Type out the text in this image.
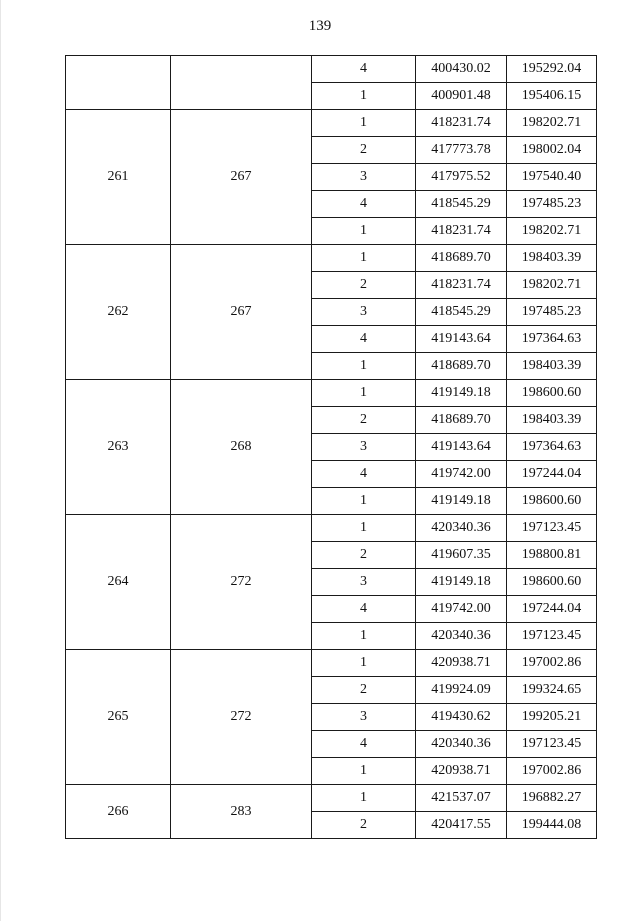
139
		4	400430.02	195292.04
		1	400901.48	195406.15
261	267	1	418231.74	198202.71
		2	417773.78	198002.04
		3	417975.52	197540.40
		4	418545.29	197485.23
		1	418231.74	198202.71
262	267	1	418689.70	198403.39
		2	418231.74	198202.71
		3	418545.29	197485.23
		4	419143.64	197364.63
		1	418689.70	198403.39
263	268	1	419149.18	198600.60
		2	418689.70	198403.39
		3	419143.64	197364.63
		4	419742.00	197244.04
		1	419149.18	198600.60
264	272	1	420340.36	197123.45
		2	419607.35	198800.81
		3	419149.18	198600.60
		4	419742.00	197244.04
		1	420340.36	197123.45
265	272	1	420938.71	197002.86
		2	419924.09	199324.65
		3	419430.62	199205.21
		4	420340.36	197123.45
		1	420938.71	197002.86
266	283	1	421537.07	196882.27
		2	420417.55	199444.08
